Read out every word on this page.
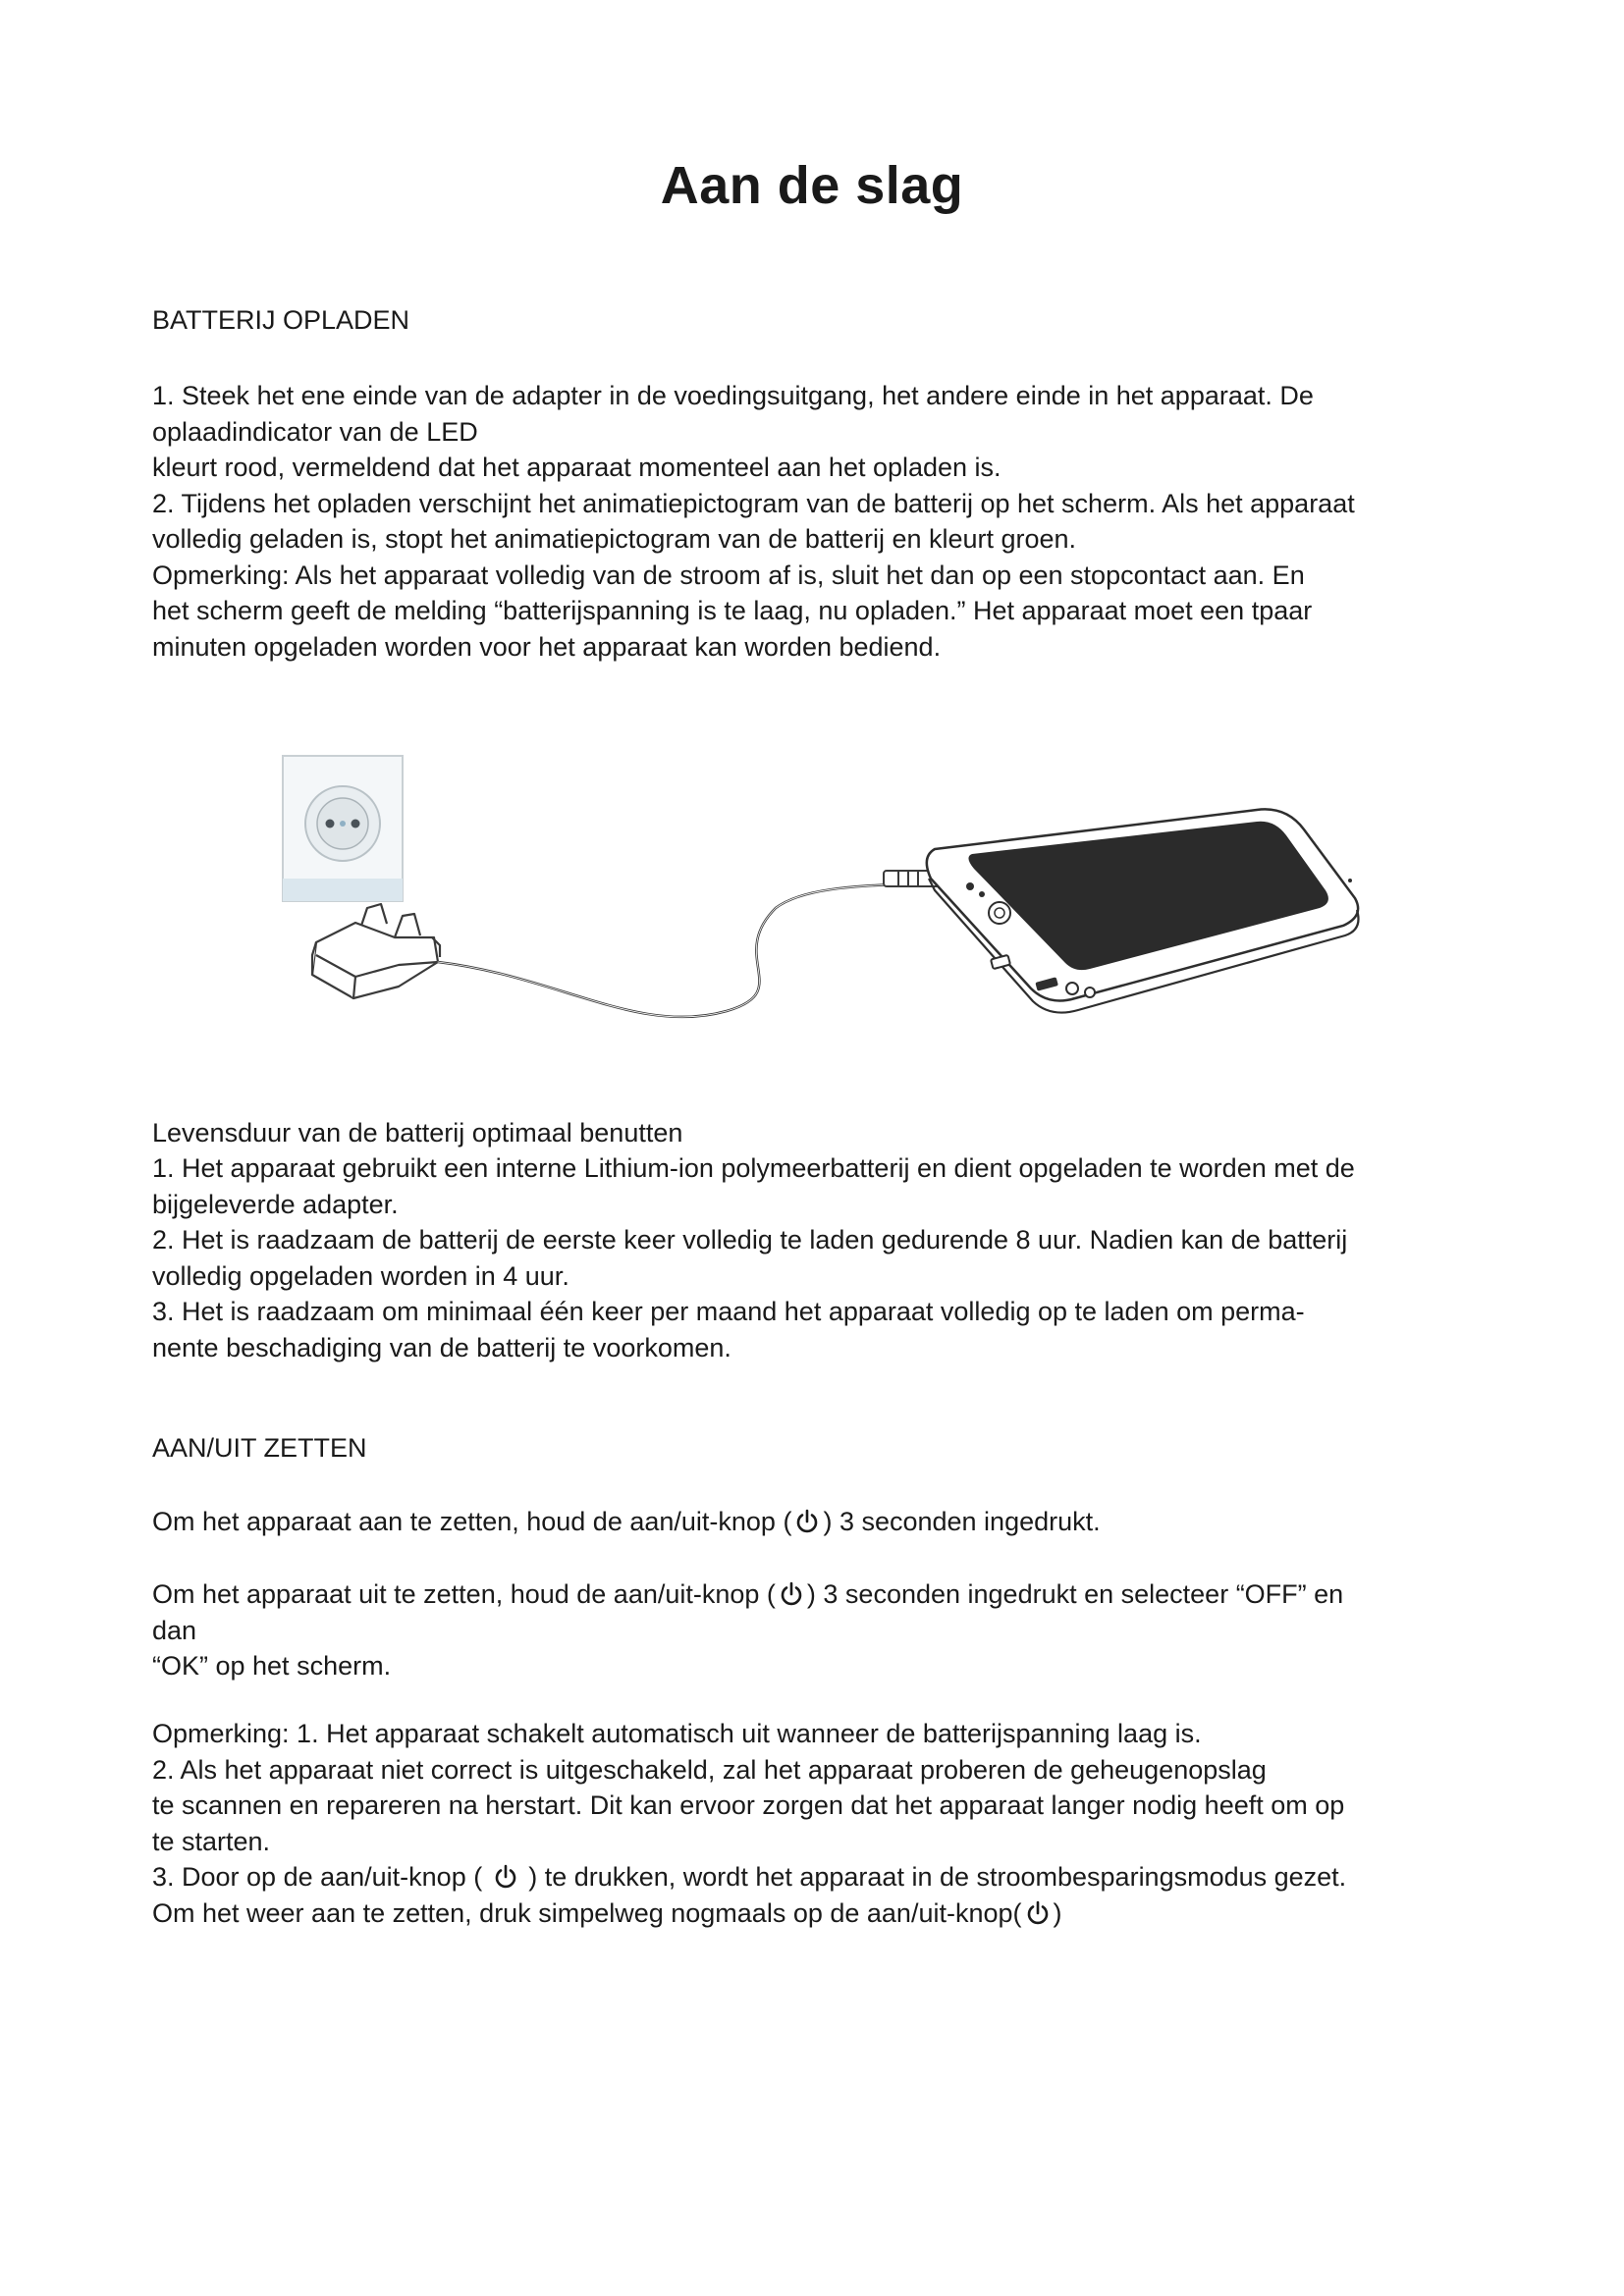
Aan de slag

BATTERIJ OPLADEN

1. Steek het ene einde van de adapter in de voedingsuitgang, het andere einde in het apparaat. De

oplaadindicator van de LED

kleurt rood, vermeldend dat het apparaat momenteel aan het opladen is.

2. Tijdens het opladen verschijnt het animatiepictogram van de batterij op het scherm. Als het apparaat

volledig geladen is, stopt het animatiepictogram van de batterij en kleurt groen.

Opmerking: Als het apparaat volledig van de stroom af is, sluit het dan op een stopcontact aan. En

het scherm geeft de melding “batterijspanning is te laag, nu opladen.” Het apparaat moet een tpaar

minuten opgeladen worden voor het apparaat kan worden bediend.

Levensduur van de batterij optimaal benutten

1. Het apparaat gebruikt een interne Lithium-ion polymeerbatterij en dient opgeladen te worden met de

bijgeleverde adapter.

2. Het is raadzaam de batterij de eerste keer volledig te laden gedurende 8 uur. Nadien kan de batterij

volledig opgeladen worden in 4 uur.

3. Het is raadzaam om minimaal één keer per maand het apparaat volledig op te laden om perma-

nente beschadiging van de batterij te voorkomen.

AAN/UIT ZETTEN

Om het apparaat aan te zetten, houd de aan/uit-knop ( ) 3 seconden ingedrukt.

Om het apparaat uit te zetten, houd de aan/uit-knop ( ) 3 seconden ingedrukt en selecteer “OFF” en

dan

“OK” op het scherm.

Opmerking: 1. Het apparaat schakelt automatisch uit wanneer de batterijspanning laag is.

2. Als het apparaat niet correct is uitgeschakeld, zal het apparaat proberen de geheugenopslag

te scannen en repareren na herstart. Dit kan ervoor zorgen dat het apparaat langer nodig heeft om op

te starten.

3. Door op de aan/uit-knop (
) te drukken, wordt het apparaat in de stroombesparingsmodus gezet.

Om het weer aan te zetten, druk simpelweg nogmaals op de aan/uit-knop( )
